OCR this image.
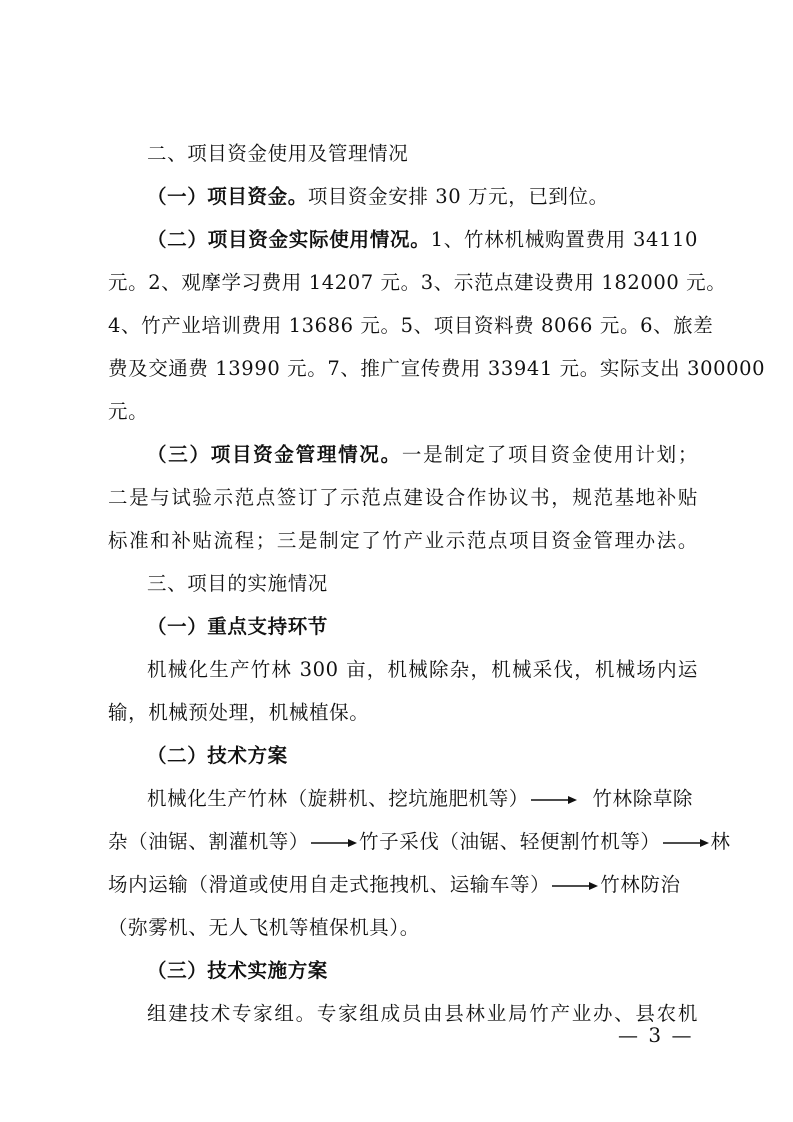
二、项目资金使用及管理情况
（一）项目资金。项目资金安排 30 万元，已到位。
（二）项目资金实际使用情况。1、竹林机械购置费用 34110
元。2、观摩学习费用 14207 元。3、示范点建设费用 182000 元。
4、竹产业培训费用 13686 元。5、项目资料费 8066 元。6、旅差
费及交通费 13990 元。7、推广宣传费用 33941 元。实际支出 300000
元。
（三）项目资金管理情况。一是制定了项目资金使用计划；
二是与试验示范点签订了示范点建设合作协议书，规范基地补贴
标准和补贴流程；三是制定了竹产业示范点项目资金管理办法。
三、项目的实施情况
（一）重点支持环节
机械化生产竹林 300 亩，机械除杂，机械采伐，机械场内运
输，机械预处理，机械植保。
（二）技术方案
机械化生产竹林（旋耕机、挖坑施肥机等）	竹林除草除
杂（油锯、割灌机等）	竹子采伐（油锯、轻便割竹机等）	林
场内运输（滑道或使用自走式拖拽机、运输车等）	竹林防治
（弥雾机、无人飞机等植保机具）。
（三）技术实施方案
组建技术专家组。专家组成员由县林业局竹产业办、县农机
— 3 —
